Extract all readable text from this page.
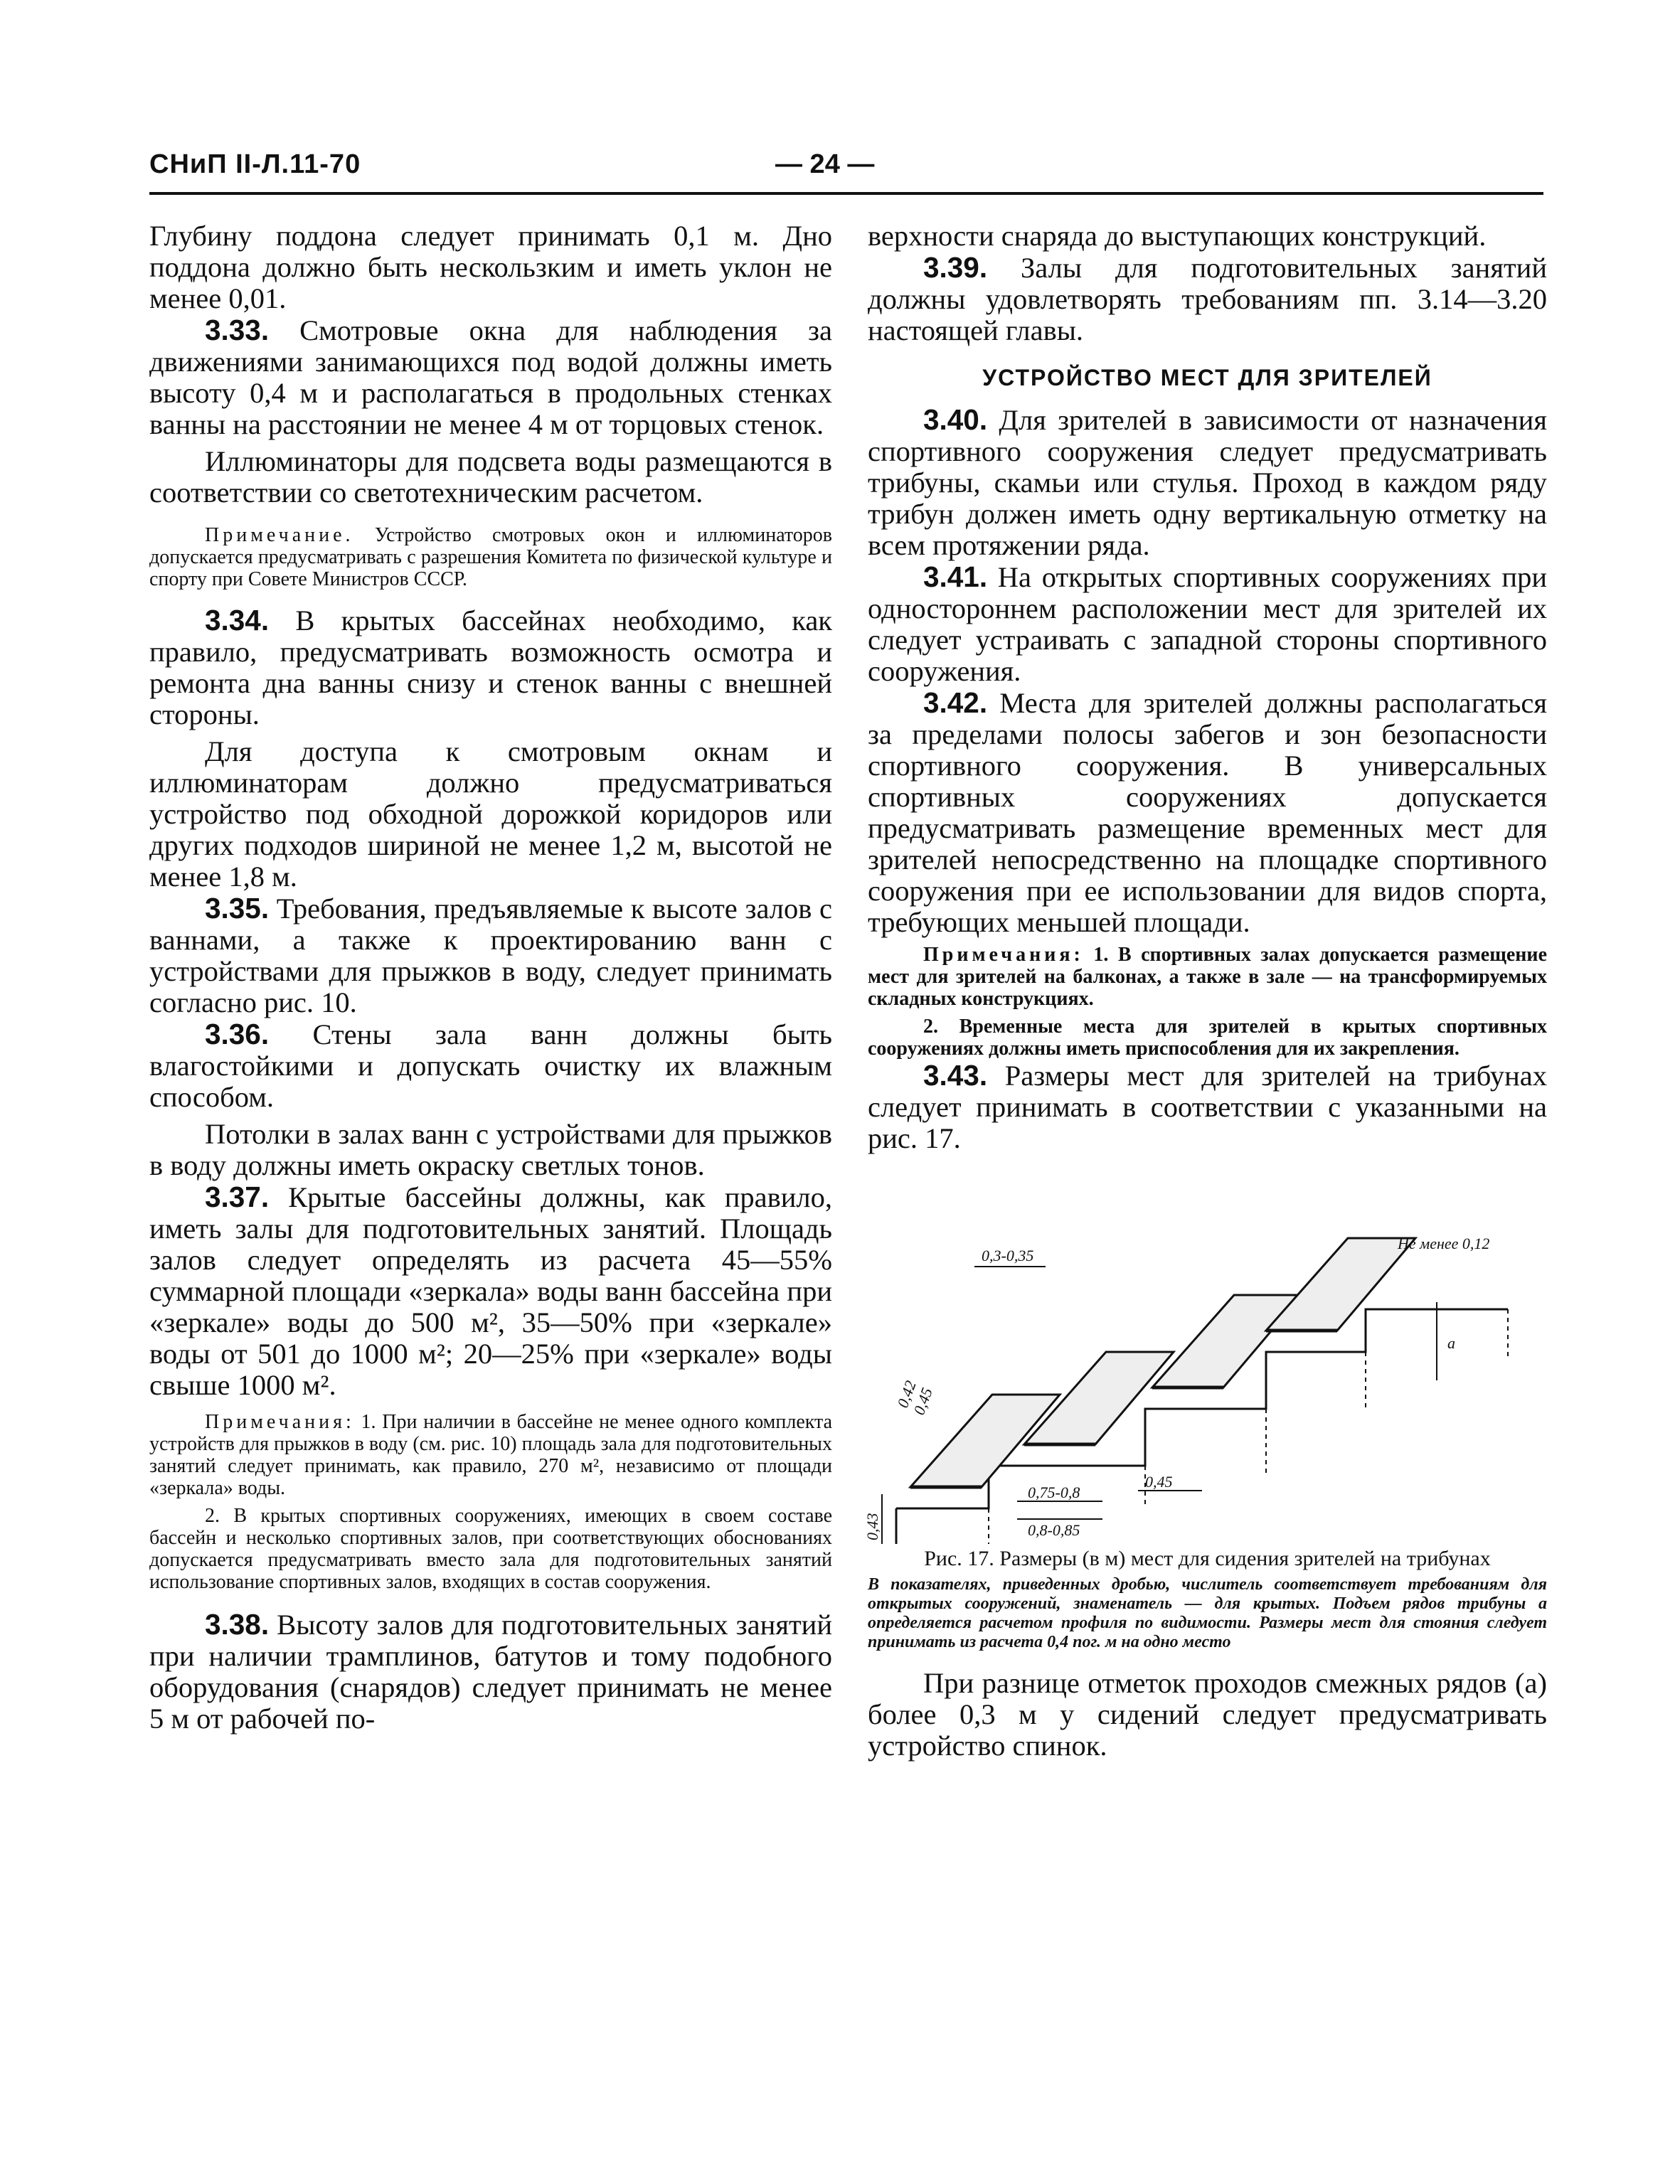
СНиП II-Л.11-70	— 24 —

Глубину поддона следует принимать 0,1 м. Дно поддона должно быть нескользким и иметь уклон не менее 0,01.

3.33. Смотровые окна для наблюдения за движениями занимающихся под водой должны иметь высоту 0,4 м и располагаться в продольных стенках ванны на расстоянии не менее 4 м от торцовых стенок.

Иллюминаторы для подсвета воды размещаются в соответствии со светотехническим расчетом.

Примечание. Устройство смотровых окон и иллюминаторов допускается предусматривать с разрешения Комитета по физической культуре и спорту при Совете Министров СССР.

3.34. В крытых бассейнах необходимо, как правило, предусматривать возможность осмотра и ремонта дна ванны снизу и стенок ванны с внешней стороны.

Для доступа к смотровым окнам и иллюминаторам должно предусматриваться устройство под обходной дорожкой коридоров или других подходов шириной не менее 1,2 м, высотой не менее 1,8 м.

3.35. Требования, предъявляемые к высоте залов с ваннами, а также к проектированию ванн с устройствами для прыжков в воду, следует принимать согласно рис. 10.

3.36. Стены зала ванн должны быть влагостойкими и допускать очистку их влажным способом.

Потолки в залах ванн с устройствами для прыжков в воду должны иметь окраску светлых тонов.

3.37. Крытые бассейны должны, как правило, иметь залы для подготовительных занятий. Площадь залов следует определять из расчета 45—55% суммарной площади «зеркала» воды ванн бассейна при «зеркале» воды до 500 м², 35—50% при «зеркале» воды от 501 до 1000 м²; 20—25% при «зеркале» воды свыше 1000 м².

Примечания: 1. При наличии в бассейне не менее одного комплекта устройств для прыжков в воду (см. рис. 10) площадь зала для подготовительных занятий следует принимать, как правило, 270 м², независимо от площади «зеркала» воды.

2. В крытых спортивных сооружениях, имеющих в своем составе бассейн и несколько спортивных залов, при соответствующих обоснованиях допускается предусматривать вместо зала для подготовительных занятий использование спортивных залов, входящих в состав сооружения.

3.38. Высоту залов для подготовительных занятий при наличии трамплинов, батутов и тому подобного оборудования (снарядов) следует принимать не менее 5 м от рабочей по-

верхности снаряда до выступающих конструкций.

3.39. Залы для подготовительных занятий должны удовлетворять требованиям пп. 3.14—3.20 настоящей главы.

УСТРОЙСТВО МЕСТ ДЛЯ ЗРИТЕЛЕЙ

3.40. Для зрителей в зависимости от назначения спортивного сооружения следует предусматривать трибуны, скамьи или стулья. Проход в каждом ряду трибун должен иметь одну вертикальную отметку на всем протяжении ряда.

3.41. На открытых спортивных сооружениях при одностороннем расположении мест для зрителей их следует устраивать с западной стороны спортивного сооружения.

3.42. Места для зрителей должны располагаться за пределами полосы забегов и зон безопасности спортивного сооружения. В универсальных спортивных сооружениях допускается предусматривать размещение временных мест для зрителей непосредственно на площадке спортивного сооружения при ее использовании для видов спорта, требующих меньшей площади.

Примечания: 1. В спортивных залах допускается размещение мест для зрителей на балконах, а также в зале — на трансформируемых складных конструкциях.

2. Временные места для зрителей в крытых спортивных сооружениях должны иметь приспособления для их закрепления.

3.43. Размеры мест для зрителей на трибунах следует принимать в соответствии с указанными на рис. 17.

Не менее 0,12
0,3-0,35
0,42
0,45
0,43
0,75-0,8
0,8-0,85
0,45
а

Рис. 17. Размеры (в м) мест для сидения зрителей на трибунах

В показателях, приведенных дробью, числитель соответствует требованиям для открытых сооружений, знаменатель — для крытых. Подъем рядов трибуны а определяется расчетом профиля по видимости. Размеры мест для стояния следует принимать из расчета 0,4 пог. м на одно место

При разнице отметок проходов смежных рядов (а) более 0,3 м у сидений следует предусматривать устройство спинок.
